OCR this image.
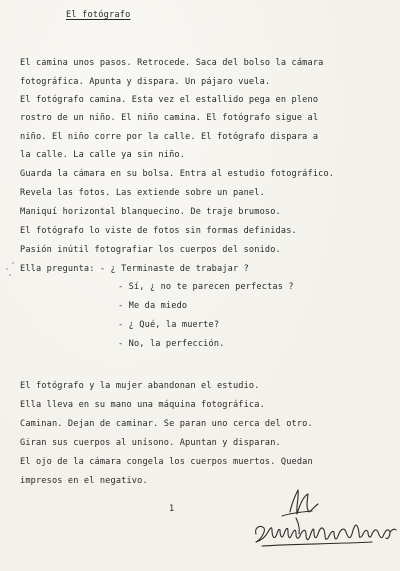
El fotógrafo
El camina unos pasos. Retrocede. Saca del bolso la cámara
fotográfica. Apunta y dispara. Un pájaro vuela.
El fotógrafo camina. Esta vez el estallido pega en pleno
rostro de un niño. El niño camina. El fotógrafo sigue al
niño. El niño corre por la calle. El fotógrafo dispara a
la calle. La calle ya sin niño.
Guarda la cámara en su bolsa. Entra al estudio fotográfico.
Revela las fotos. Las extiende sobre un panel.
Maniquí horizontal blanquecino. De traje brumoso.
El fotógrafo lo viste de fotos sin formas definidas.
Pasión inútil fotografiar los cuerpos del sonido.
Ella pregunta: - ¿ Terminaste de trabajar ?
- Sí, ¿ no te parecen perfectas ?
- Me da miedo
- ¿ Qué, la muerte?
- No, la perfección.
El fotógrafo y la mujer abandonan el estudio.
Ella lleva en su mano una máquina fotográfica.
Caminan. Dejan de caminar. Se paran uno cerca del otro.
Giran sus cuerpos al unísono. Apuntan y disparan.
El ojo de la cámara congela los cuerpos muertos. Quedan
impresos en el negativo.
1
